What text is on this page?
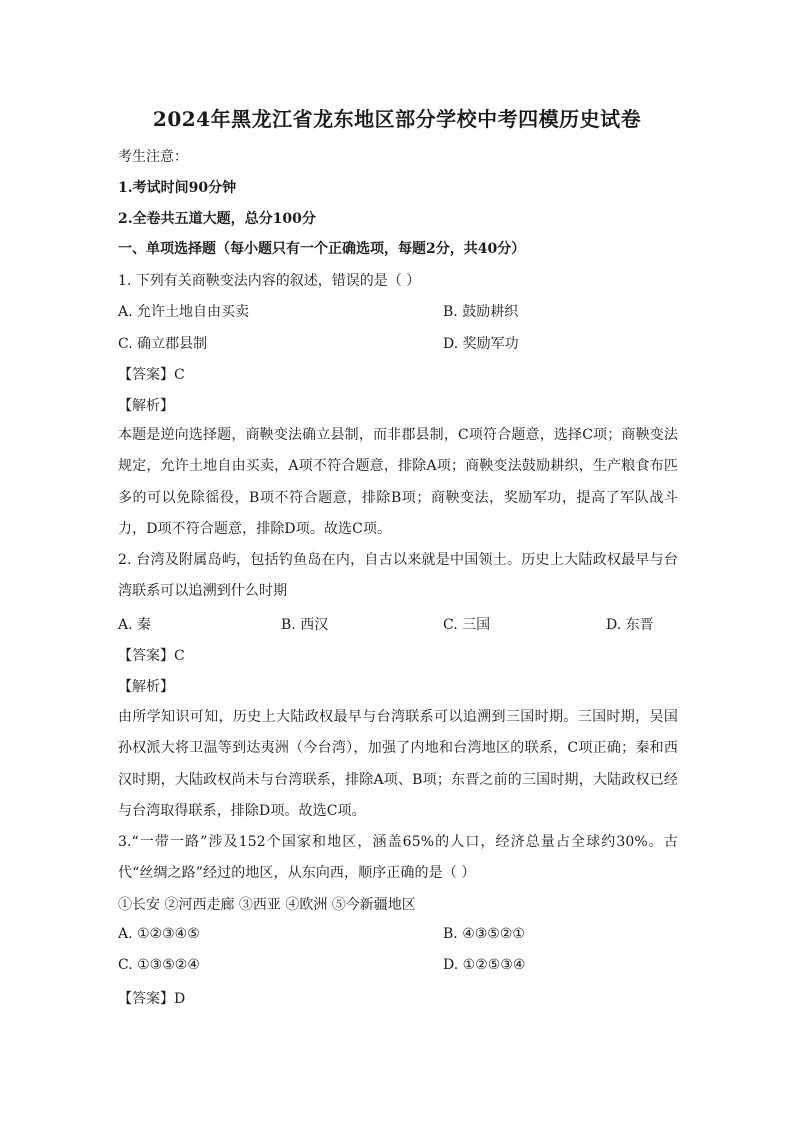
2024年黑龙江省龙东地区部分学校中考四模历史试卷
考生注意：
1.考试时间90分钟
2.全卷共五道大题，总分100分
一、单项选择题（每小题只有一个正确选项，每题2分，共40分）
1. 下列有关商鞅变法内容的叙述，错误的是（ ）
A. 允许土地自由买卖	B. 鼓励耕织
C. 确立郡县制	D. 奖励军功
【答案】C
【解析】
本题是逆向选择题，商鞅变法确立县制，而非郡县制，C项符合题意，选择C项；商鞅变法规定，允许土地自由买卖，A项不符合题意，排除A项；商鞅变法鼓励耕织，生产粮食布匹多的可以免除徭役，B项不符合题意，排除B项；商鞅变法，奖励军功，提高了军队战斗力，D项不符合题意，排除D项。故选C项。
2. 台湾及附属岛屿，包括钓鱼岛在内，自古以来就是中国领土。历史上大陆政权最早与台湾联系可以追溯到什么时期
A. 秦	B. 西汉	C. 三国	D. 东晋
【答案】C
【解析】
由所学知识可知，历史上大陆政权最早与台湾联系可以追溯到三国时期。三国时期，吴国孙权派大将卫温等到达夷洲（今台湾），加强了内地和台湾地区的联系，C项正确；秦和西汉时期，大陆政权尚未与台湾联系，排除A项、B项；东晋之前的三国时期，大陆政权已经与台湾取得联系，排除D项。故选C项。
3.“一带一路”涉及152个国家和地区，涵盖65%的人口，经济总量占全球约30%。古代“丝绸之路”经过的地区，从东向西，顺序正确的是（ ）
①长安 ②河西走廊 ③西亚 ④欧洲 ⑤今新疆地区
A. ①②③④⑤	B. ④③⑤②①
C. ①③⑤②④	D. ①②⑤③④
【答案】D
